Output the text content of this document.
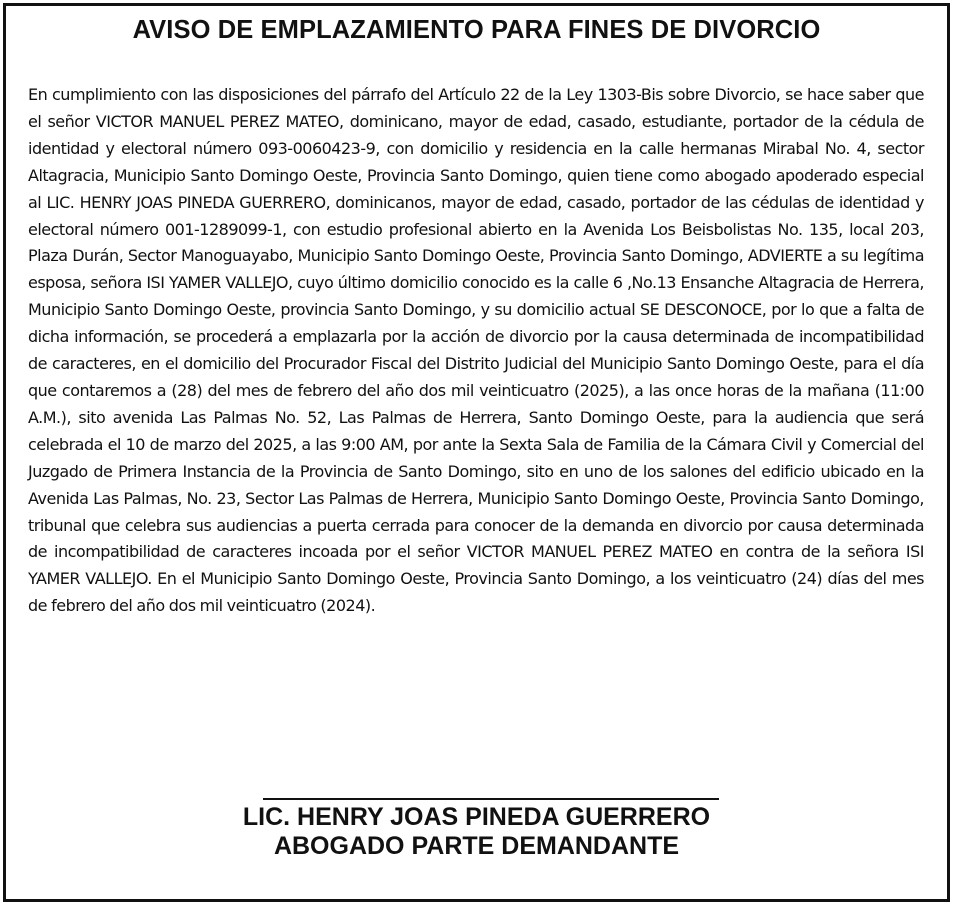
AVISO DE EMPLAZAMIENTO PARA FINES DE DIVORCIO

En cumplimiento con las disposiciones del párrafo del Artículo 22 de la Ley 1303-Bis sobre Divorcio, se hace saber que el señor VICTOR MANUEL PEREZ MATEO, dominicano, mayor de edad, casado, estudiante, portador de la cédula de identidad y electoral número 093-0060423-9, con domicilio y residencia en la calle hermanas Mirabal No. 4, sector Altagracia, Municipio Santo Domingo Oeste, Provincia Santo Domingo, quien tiene como abogado apoderado especial al LIC. HENRY JOAS PINEDA GUERRERO, dominicanos, mayor de edad, casado, portador de las cédulas de identidad y electoral número 001-1289099-1, con estudio profesional abierto en la Avenida Los Beisbolistas No. 135, local 203, Plaza Durán, Sector Manoguayabo, Municipio Santo Domingo Oeste, Provincia Santo Domingo, ADVIERTE a su legítima esposa, señora ISI YAMER VALLEJO, cuyo último domicilio conocido es la calle 6 ,No.13 Ensanche Altagracia de Herrera, Municipio Santo Domingo Oeste, provincia Santo Domingo, y su domicilio actual SE DESCONOCE, por lo que a falta de dicha información, se procederá a emplazarla por la acción de divorcio por la causa determinada de incompatibilidad de caracteres, en el domicilio del Procurador Fiscal del Distrito Judicial del Municipio Santo Domingo Oeste, para el día que contaremos a (28) del mes de febrero del año dos mil veinticuatro (2025), a las once horas de la mañana (11:00 A.M.), sito avenida Las Palmas No. 52, Las Palmas de Herrera, Santo Domingo Oeste, para la audiencia que será celebrada el 10 de marzo del 2025, a las 9:00 AM, por ante la Sexta Sala de Familia de la Cámara Civil y Comercial del Juzgado de Primera Instancia de la Provincia de Santo Domingo, sito en uno de los salones del edificio ubicado en la Avenida Las Palmas, No. 23, Sector Las Palmas de Herrera, Municipio Santo Domingo Oeste, Provincia Santo Domingo, tribunal que celebra sus audiencias a puerta cerrada para conocer de la demanda en divorcio por causa determinada de incompatibilidad de caracteres incoada por el señor VICTOR MANUEL PEREZ MATEO en contra de la señora ISI YAMER VALLEJO. En el Municipio Santo Domingo Oeste, Provincia Santo Domingo, a los veinticuatro (24) días del mes de febrero del año dos mil veinticuatro (2024).

LIC. HENRY JOAS PINEDA GUERRERO

ABOGADO PARTE DEMANDANTE
